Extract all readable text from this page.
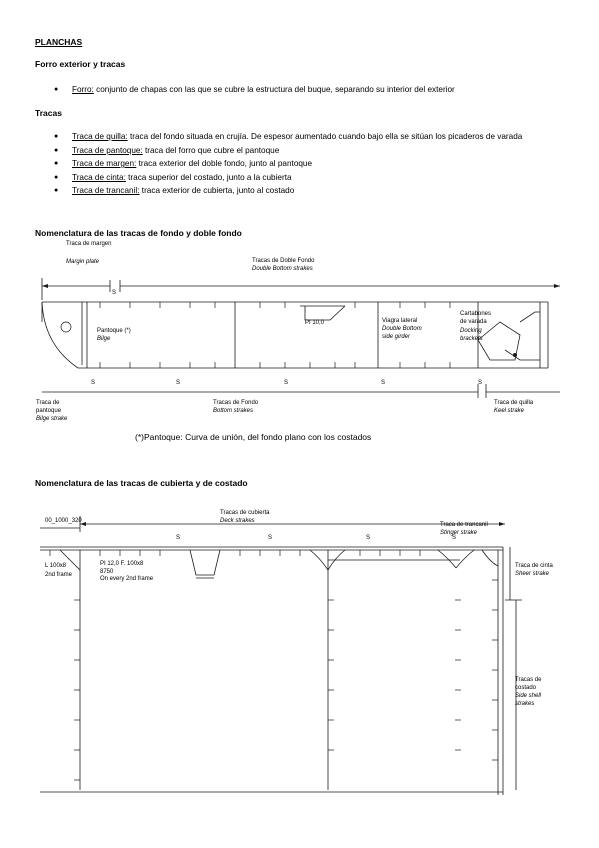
PLANCHAS
Forro exterior y tracas
● Forro: conjunto de chapas con las que se cubre la estructura del buque, separando su interior del exterior
Tracas
● Traca de quilla: traca del fondo situada en crujía. De espesor aumentado cuando bajo ella se sitúan los picaderos de varada
● Traca de pantoque: traca del forro que cubre el pantoque
● Traca de margen: traca exterior del doble fondo, junto al pantoque
● Traca de cinta: traca superior del costado, junto a la cubierta
● Traca de trancanil: traca exterior de cubierta, junto al costado
Nomenclatura de las tracas de fondo y doble fondo
Traca de margen
Margin plate	Tracas de Doble Fondo
Double Bottom strakes
Pantoque (*)
Bilge
PI 10,0	Viagra lateral
Double Bottom
side girder
Cartabones
de varada
Docking
brackets
Tracas de Fondo
Bottom strakes
Traca de
pantoque
Bilge strake
Traca de quilla
Keel strake
S
S	S	S	S	S
(*)Pantoque: Curva de unión, del fondo plano con los costados
Nomenclatura de las tracas de cubierta y de costado
Tracas de cubierta
Deck strakes
Traca de trancanil
Stinger strake
Traca de cinta
Sheer strake
Tracas de
costado
Side shell
strakes
00_1000_320
L 100x8
2nd frame
PI 12,0 F. 100x8
8750
On every 2nd frame
S	S	S	S
